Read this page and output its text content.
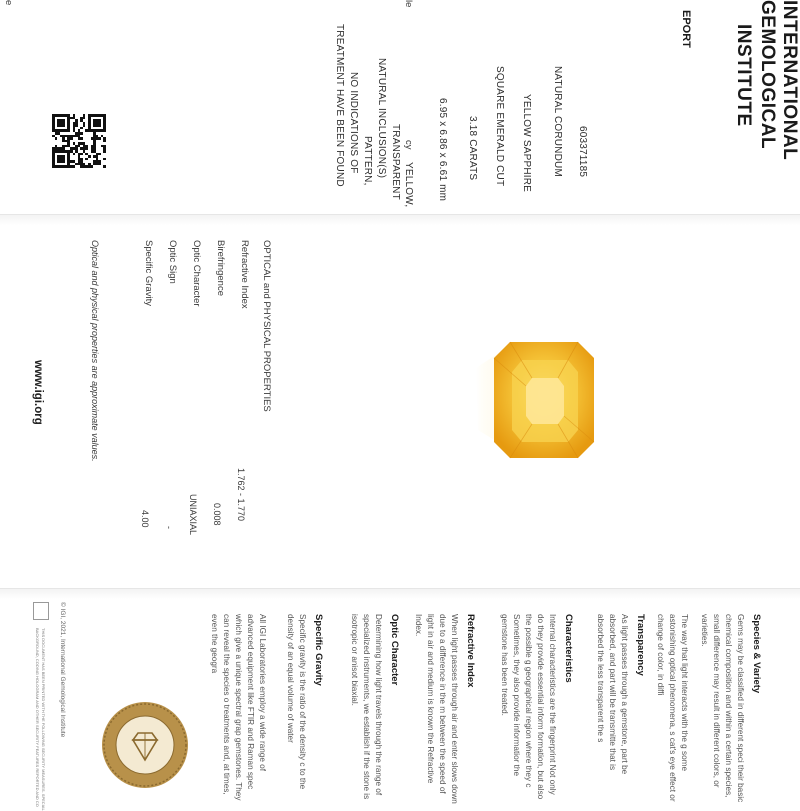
INTERNATIONAL
GEMOLOGICAL
INSTITUTE
EPORT
le
cy
e
603371185
NATURAL CORUNDUM
YELLOW SAPPHIRE
SQUARE EMERALD CUT
3.18 CARATS
6.95 x 6.86 x 6.61 mm
YELLOW,
TRANSPARENT
NATURAL INCLUSION(S)
PATTERN,
NO INDICATIONS OF
TREATMENT HAVE BEEN FOUND
OPTICAL and PHYSICAL PROPERTIES
Refractive Index
Birefringence
Optic Character
Optic Sign
Specific Gravity
1.762 - 1.770
0.008
UNIAXIAL
-
4.00
Optical and physical properties are approximate values.
www.igi.org
Species & Variety
Gems may be classified in different speci their basic chemical composition and within a certain species, small difference may result in different colors, or varieties.
The way that light interacts with the g some astonishing optical phenomena, s cat's eye effect or change of color, in diffi
Transparency
As light passes through a gemstone, part be absorbed, and part will be transmitte that is absorbed the less transparent the s
Characteristics
Internal characteristics are the fingerprint Not only do they provide essential inform formation, but also the possible g geographical region where they c Sometimes, they also provide informatior the gemstone has been treated.
Refractive Index
When light passes through air and enter slows down due to a difference in the m between the speed of light in air and medium is known the Refractive Index.
Optic Character
Determining how light travels through the range of specialized instruments, we establish if the stone is isotropic or anisot biaxial.
Specific Gravity
Specific gravity is the ratio of the density c to the density of an equal volume of water
All IGI Laboratories employ a wide range of advanced equipment like FTIR and Raman spec which give a unique spectral grap gemstones. They can reveal the species o treatments and, at times, even the geogra
© IGI, 2021, International Gemological Institute
THIS DOCUMENT HAS BEEN PRINTED WITH THE FOLLOWING SECURITY MEASURES. SPECIAL
BACKGROUND, CODING HOLOGRAM AND OTHER SECURITY FEATURES REPORTED AND CO	1975
